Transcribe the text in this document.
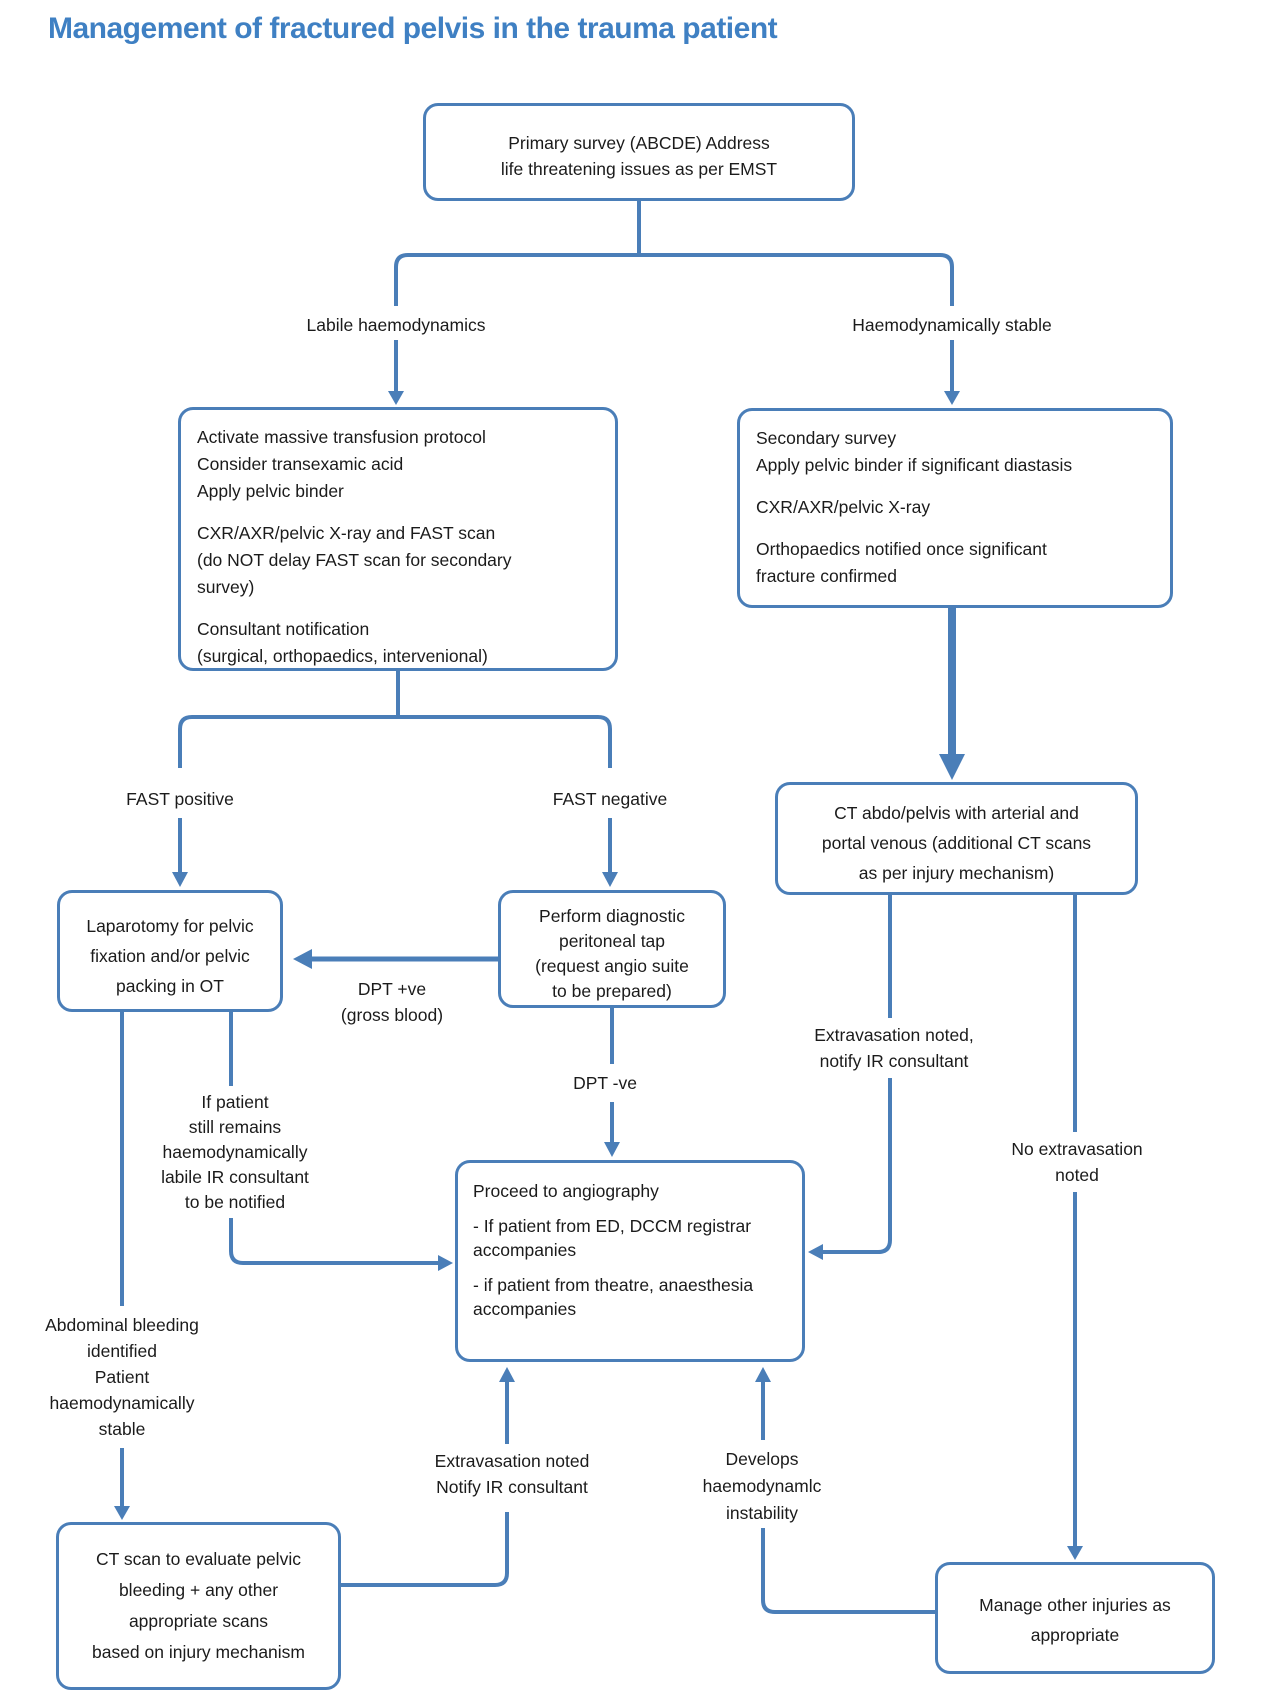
Management of fractured pelvis in the trauma patient
Primary survey (ABCDE) Address
life threatening issues as per EMST
Activate massive transfusion protocol
Consider transexamic acid
Apply pelvic binder
CXR/AXR/pelvic X-ray and FAST scan
(do NOT delay FAST scan for secondary
survey)
Consultant notification
(surgical, orthopaedics, intervenional)
Secondary survey
Apply pelvic binder if significant diastasis
CXR/AXR/pelvic X-ray
Orthopaedics notified once significant
fracture confirmed
Laparotomy for pelvic
fixation and/or pelvic
packing in OT
Perform diagnostic
peritoneal tap
(request angio suite
to be prepared)
CT abdo/pelvis with arterial and
portal venous (additional CT scans
as per injury mechanism)
Proceed to angiography
- If patient from ED, DCCM registrar
accompanies
- if patient from theatre, anaesthesia
accompanies
CT scan to evaluate pelvic
bleeding + any other
appropriate scans
based on injury mechanism
Manage other injuries as
appropriate
Labile haemodynamics	Haemodynamically stable
FAST positive	FAST negative
DPT +ve
(gross blood)
DPT -ve
Extravasation noted,
notify IR consultant
No extravasation
noted
If patient
still remains
haemodynamically
labile IR consultant
to be notified
Abdominal bleeding
identified
Patient
haemodynamically
stable
Extravasation noted
Notify IR consultant
Develops
haemodynamlc
instability
